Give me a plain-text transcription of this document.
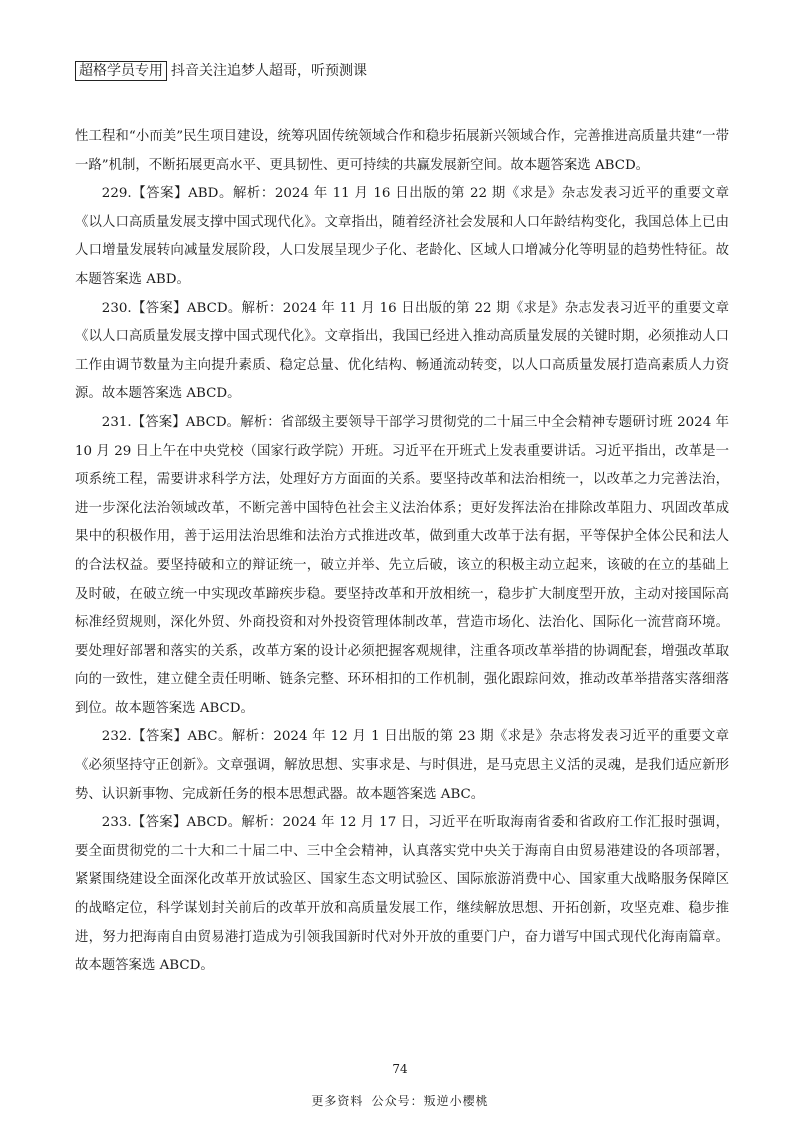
超格学员专用 抖音关注追梦人超哥，听预测课

性工程和“小而美”民生项目建设，统筹巩固传统领域合作和稳步拓展新兴领域合作，完善推进高质量共建“一带一路”机制，不断拓展更高水平、更具韧性、更可持续的共赢发展新空间。故本题答案选 ABCD。

229.【答案】ABD。解析：2024 年 11 月 16 日出版的第 22 期《求是》杂志发表习近平的重要文章《以人口高质量发展支撑中国式现代化》。文章指出，随着经济社会发展和人口年龄结构变化，我国总体上已由人口增量发展转向减量发展阶段，人口发展呈现少子化、老龄化、区域人口增减分化等明显的趋势性特征。故本题答案选 ABD。

230.【答案】ABCD。解析：2024 年 11 月 16 日出版的第 22 期《求是》杂志发表习近平的重要文章《以人口高质量发展支撑中国式现代化》。文章指出，我国已经进入推动高质量发展的关键时期，必须推动人口工作由调节数量为主向提升素质、稳定总量、优化结构、畅通流动转变，以人口高质量发展打造高素质人力资源。故本题答案选 ABCD。

231.【答案】ABCD。解析：省部级主要领导干部学习贯彻党的二十届三中全会精神专题研讨班 2024 年 10 月 29 日上午在中央党校（国家行政学院）开班。习近平在开班式上发表重要讲话。习近平指出，改革是一项系统工程，需要讲求科学方法，处理好方方面面的关系。要坚持改革和法治相统一，以改革之力完善法治，进一步深化法治领域改革，不断完善中国特色社会主义法治体系；更好发挥法治在排除改革阻力、巩固改革成果中的积极作用，善于运用法治思维和法治方式推进改革，做到重大改革于法有据，平等保护全体公民和法人的合法权益。要坚持破和立的辩证统一，破立并举、先立后破，该立的积极主动立起来，该破的在立的基础上及时破，在破立统一中实现改革蹄疾步稳。要坚持改革和开放相统一，稳步扩大制度型开放，主动对接国际高标准经贸规则，深化外贸、外商投资和对外投资管理体制改革，营造市场化、法治化、国际化一流营商环境。要处理好部署和落实的关系，改革方案的设计必须把握客观规律，注重各项改革举措的协调配套，增强改革取向的一致性，建立健全责任明晰、链条完整、环环相扣的工作机制，强化跟踪问效，推动改革举措落实落细落到位。故本题答案选 ABCD。

232.【答案】ABC。解析：2024 年 12 月 1 日出版的第 23 期《求是》杂志将发表习近平的重要文章《必须坚持守正创新》。文章强调，解放思想、实事求是、与时俱进，是马克思主义活的灵魂，是我们适应新形势、认识新事物、完成新任务的根本思想武器。故本题答案选 ABC。

233.【答案】ABCD。解析：2024 年 12 月 17 日，习近平在听取海南省委和省政府工作汇报时强调，要全面贯彻党的二十大和二十届二中、三中全会精神，认真落实党中央关于海南自由贸易港建设的各项部署，紧紧围绕建设全面深化改革开放试验区、国家生态文明试验区、国际旅游消费中心、国家重大战略服务保障区的战略定位，科学谋划封关前后的改革开放和高质量发展工作，继续解放思想、开拓创新，攻坚克难、稳步推进，努力把海南自由贸易港打造成为引领我国新时代对外开放的重要门户，奋力谱写中国式现代化海南篇章。故本题答案选 ABCD。

74
更多资料 公众号：叛逆小樱桃
